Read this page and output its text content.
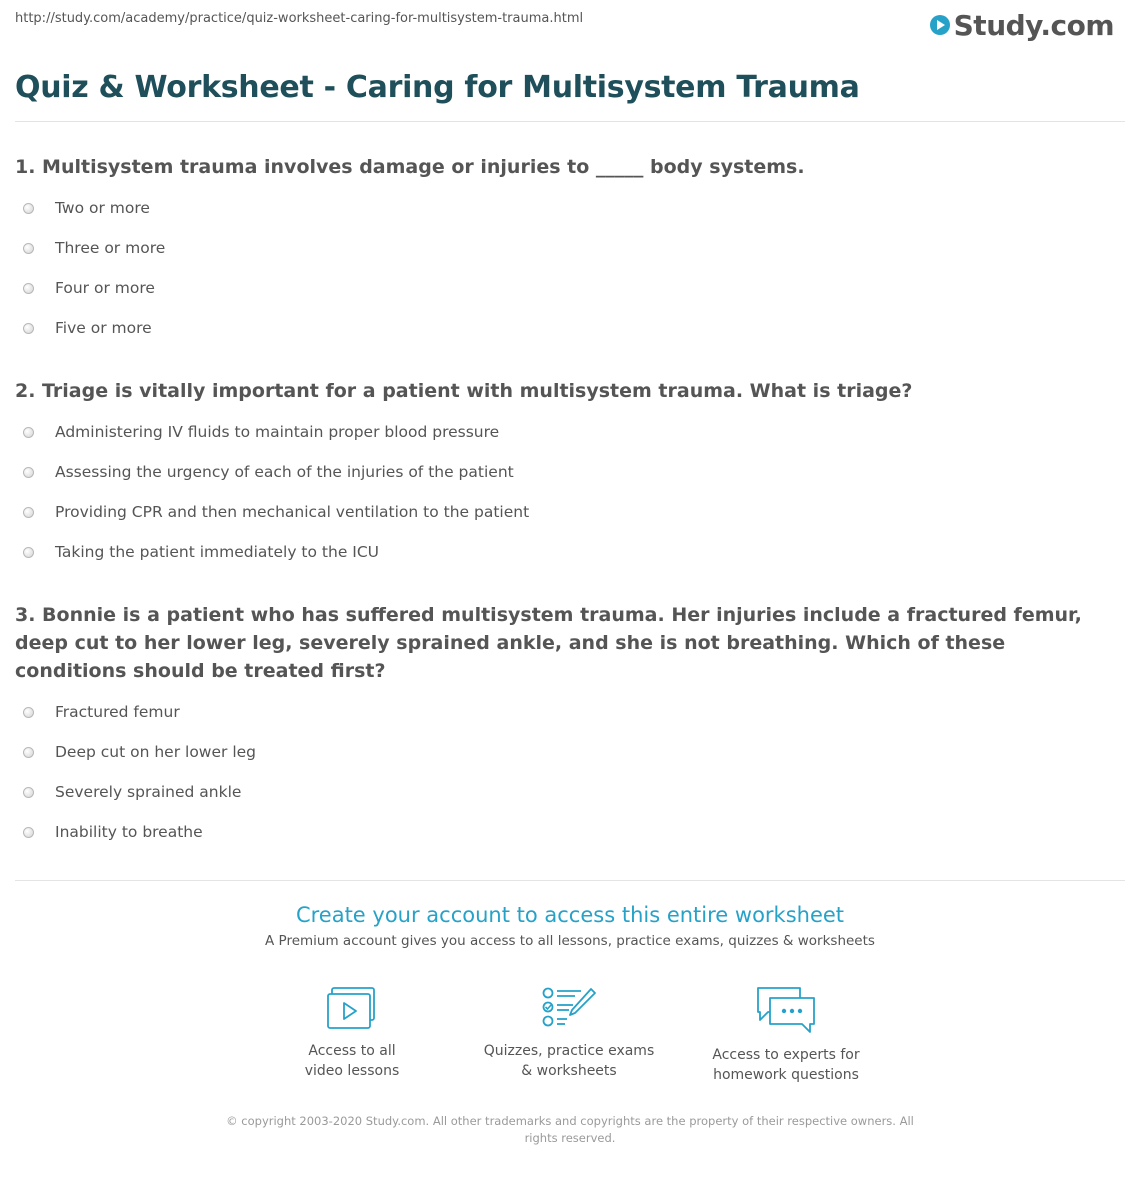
http://study.com/academy/practice/quiz-worksheet-caring-for-multisystem-trauma.html	Study.com
Quiz & Worksheet - Caring for Multisystem Trauma

1. Multisystem trauma involves damage or injuries to _____ body systems.

Two or more
Three or more
Four or more
Five or more

2. Triage is vitally important for a patient with multisystem trauma. What is triage?

Administering IV fluids to maintain proper blood pressure
Assessing the urgency of each of the injuries of the patient
Providing CPR and then mechanical ventilation to the patient
Taking the patient immediately to the ICU

3. Bonnie is a patient who has suffered multisystem trauma. Her injuries include a fractured femur, deep cut to her lower leg, severely sprained ankle, and she is not breathing. Which of these conditions should be treated first?

Fractured femur
Deep cut on her lower leg
Severely sprained ankle
Inability to breathe
Create your account to access this entire worksheet
A Premium account gives you access to all lessons, practice exams, quizzes & worksheets
Access to all
video lessons
Quizzes, practice exams
& worksheets
Access to experts for
homework questions
© copyright 2003-2020 Study.com. All other trademarks and copyrights are the property of their respective owners. All rights reserved.
